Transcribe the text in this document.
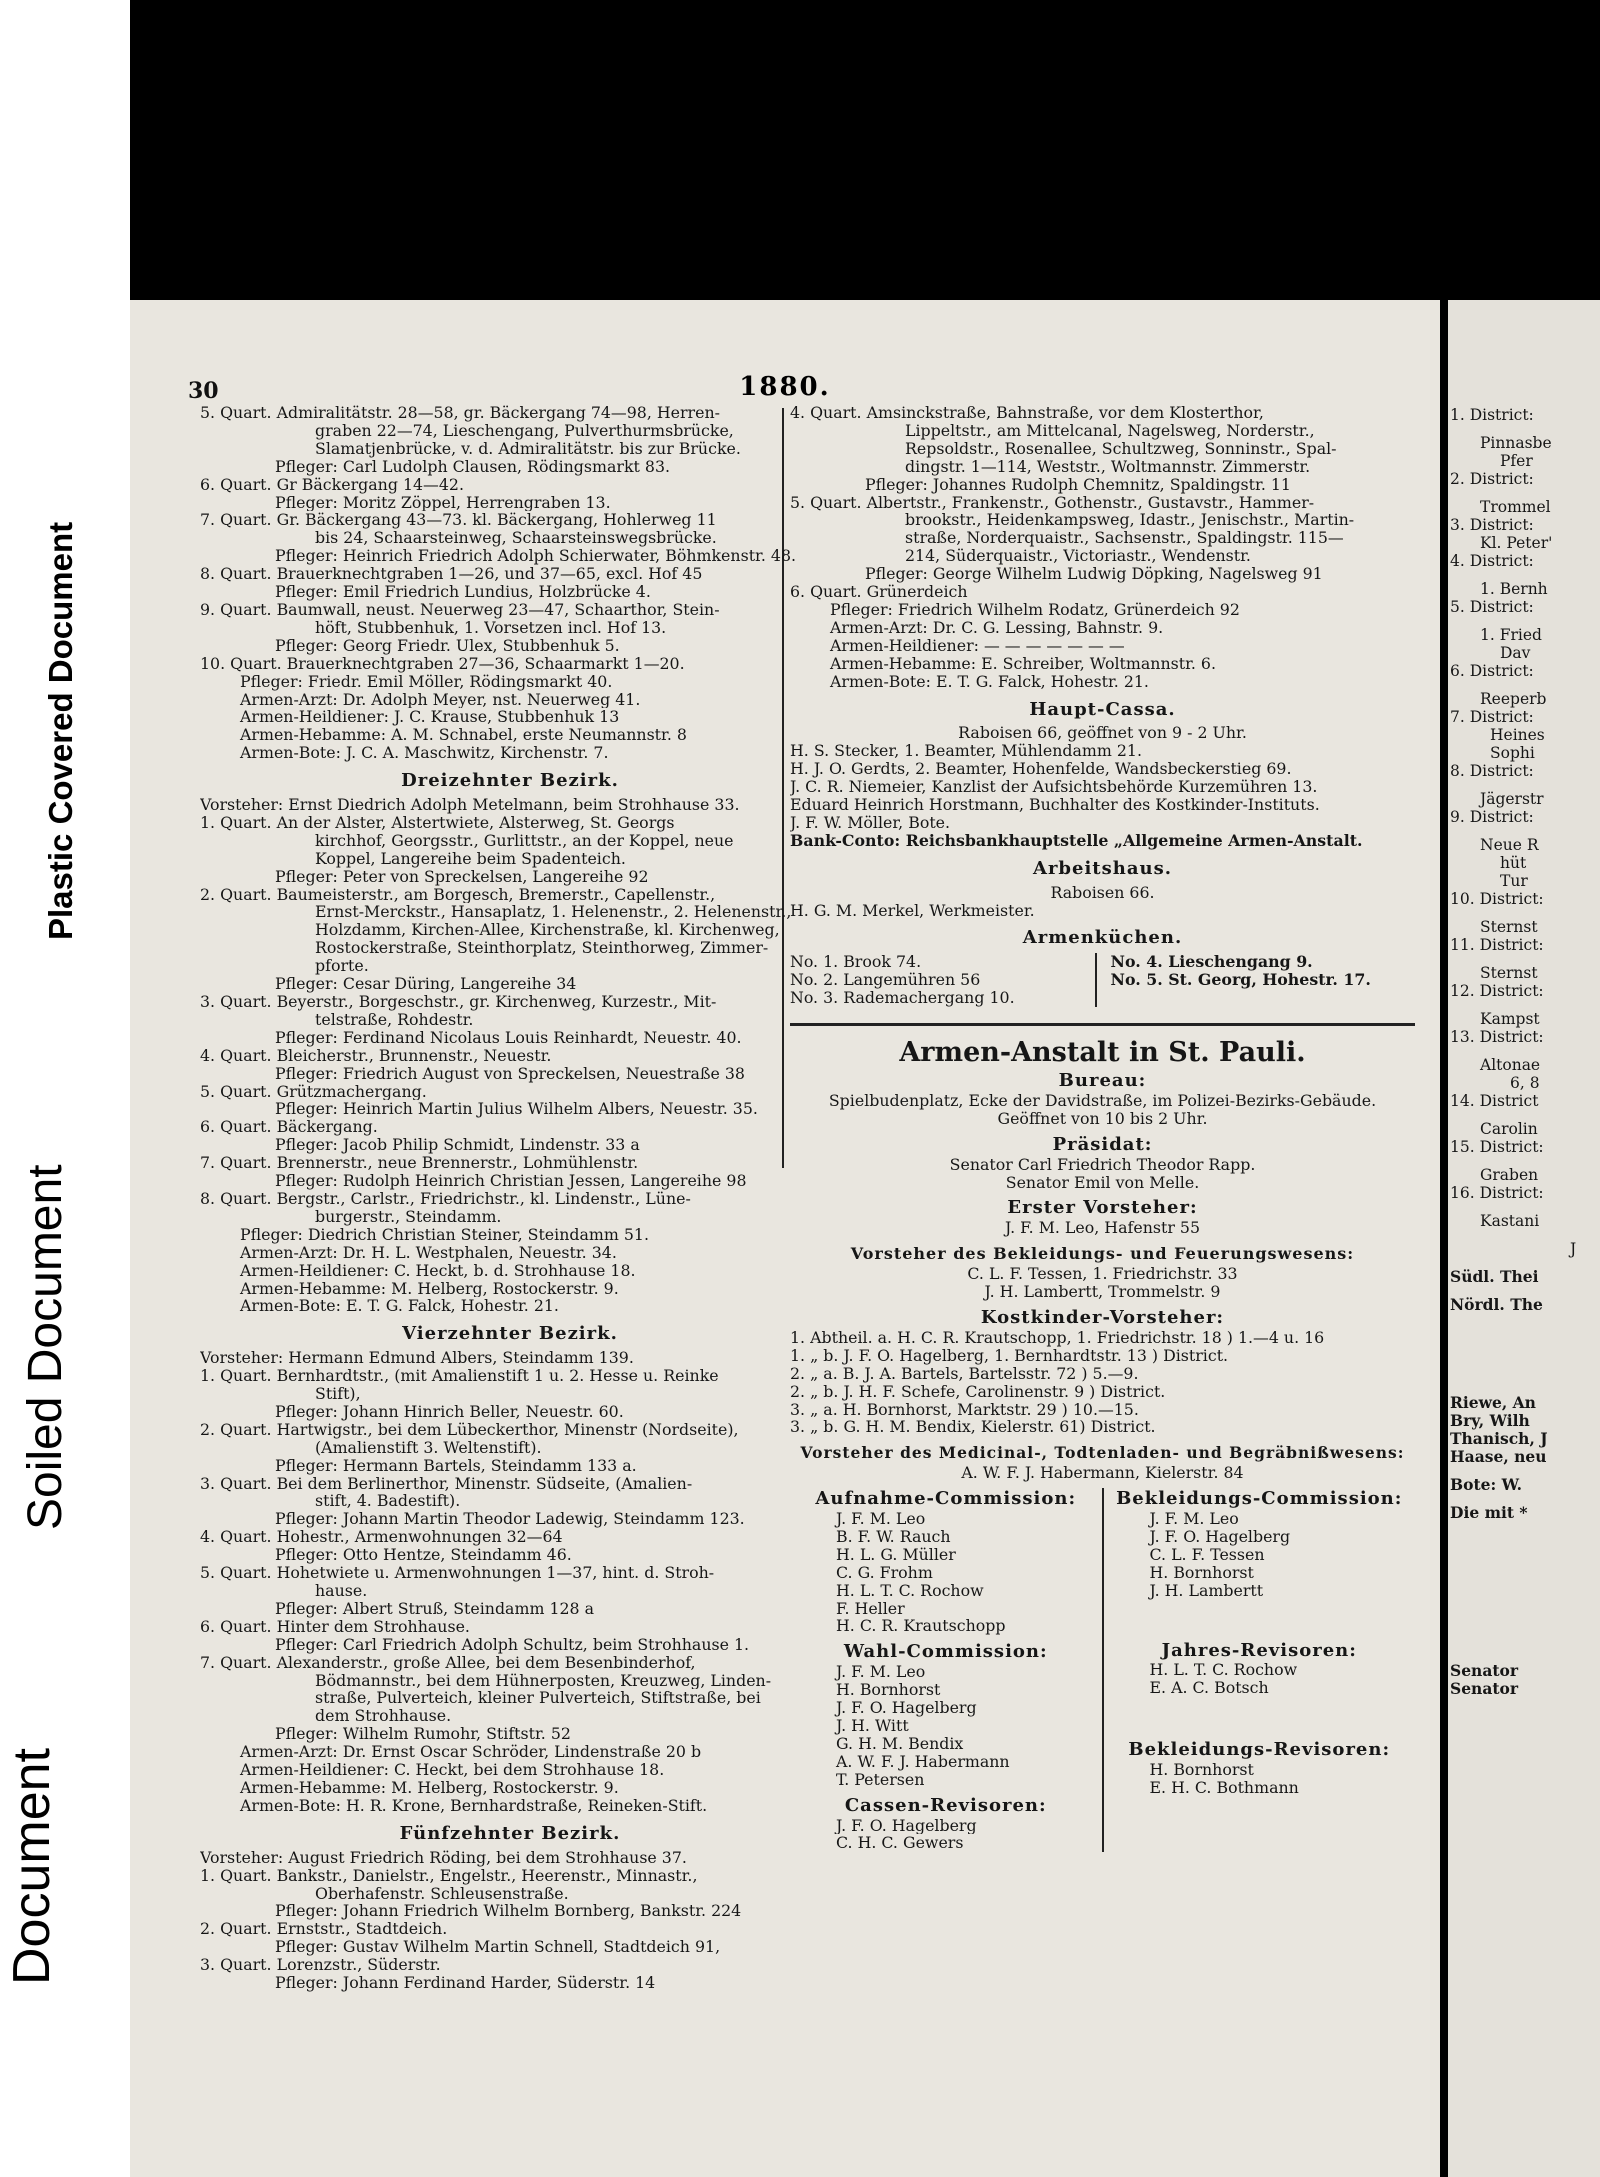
Document
Soiled Document
Plastic Covered Document
30	1880.
5. Quart. Admiralitätstr. 28—58, gr. Bäckergang 74—98, Herren-
graben 22—74, Lieschengang, Pulverthurmsbrücke,
Slamatjenbrücke, v. d. Admiralitätstr. bis zur Brücke.
Pfleger: Carl Ludolph Clausen, Rödingsmarkt 83.
6. Quart. Gr Bäckergang 14—42.
Pfleger: Moritz Zöppel, Herrengraben 13.
7. Quart. Gr. Bäckergang 43—73. kl. Bäckergang, Hohlerweg 11
bis 24, Schaarsteinweg, Schaarsteinswegsbrücke.
Pfleger: Heinrich Friedrich Adolph Schierwater, Böhmkenstr. 48.
8. Quart. Brauerknechtgraben 1—26, und 37—65, excl. Hof 45
Pfleger: Emil Friedrich Lundius, Holzbrücke 4.
9. Quart. Baumwall, neust. Neuerweg 23—47, Schaarthor, Stein-
höft, Stubbenhuk, 1. Vorsetzen incl. Hof 13.
Pfleger: Georg Friedr. Ulex, Stubbenhuk 5.
10. Quart. Brauerknechtgraben 27—36, Schaarmarkt 1—20.
Pfleger: Friedr. Emil Möller, Rödingsmarkt 40.
Armen-Arzt: Dr. Adolph Meyer, nst. Neuerweg 41.
Armen-Heildiener: J. C. Krause, Stubbenhuk 13
Armen-Hebamme: A. M. Schnabel, erste Neumannstr. 8
Armen-Bote: J. C. A. Maschwitz, Kirchenstr. 7.
Dreizehnter Bezirk.
Vorsteher: Ernst Diedrich Adolph Metelmann, beim Strohhause 33.
1. Quart. An der Alster, Alstertwiete, Alsterweg, St. Georgs
kirchhof, Georgsstr., Gurlittstr., an der Koppel, neue
Koppel, Langereihe beim Spadenteich.
Pfleger: Peter von Spreckelsen, Langereihe 92
2. Quart. Baumeisterstr., am Borgesch, Bremerstr., Capellenstr.,
Ernst-Merckstr., Hansaplatz, 1. Helenenstr., 2. Helenenstr.,
Holzdamm, Kirchen-Allee, Kirchenstraße, kl. Kirchenweg,
Rostockerstraße, Steinthorplatz, Steinthorweg, Zimmer-
pforte.
Pfleger: Cesar Düring, Langereihe 34
3. Quart. Beyerstr., Borgeschstr., gr. Kirchenweg, Kurzestr., Mit-
telstraße, Rohdestr.
Pfleger: Ferdinand Nicolaus Louis Reinhardt, Neuestr. 40.
4. Quart. Bleicherstr., Brunnenstr., Neuestr.
Pfleger: Friedrich August von Spreckelsen, Neuestraße 38
5. Quart. Grützmachergang.
Pfleger: Heinrich Martin Julius Wilhelm Albers, Neuestr. 35.
6. Quart. Bäckergang.
Pfleger: Jacob Philip Schmidt, Lindenstr. 33 a
7. Quart. Brennerstr., neue Brennerstr., Lohmühlenstr.
Pfleger: Rudolph Heinrich Christian Jessen, Langereihe 98
8. Quart. Bergstr., Carlstr., Friedrichstr., kl. Lindenstr., Lüne-
burgerstr., Steindamm.
Pfleger: Diedrich Christian Steiner, Steindamm 51.
Armen-Arzt: Dr. H. L. Westphalen, Neuestr. 34.
Armen-Heildiener: C. Heckt, b. d. Strohhause 18.
Armen-Hebamme: M. Helberg, Rostockerstr. 9.
Armen-Bote: E. T. G. Falck, Hohestr. 21.
Vierzehnter Bezirk.
Vorsteher: Hermann Edmund Albers, Steindamm 139.
1. Quart. Bernhardtstr., (mit Amalienstift 1 u. 2. Hesse u. Reinke
Stift),
Pfleger: Johann Hinrich Beller, Neuestr. 60.
2. Quart. Hartwigstr., bei dem Lübeckerthor, Minenstr (Nordseite),
(Amalienstift 3. Weltenstift).
Pfleger: Hermann Bartels, Steindamm 133 a.
3. Quart. Bei dem Berlinerthor, Minenstr. Südseite, (Amalien-
stift, 4. Badestift).
Pfleger: Johann Martin Theodor Ladewig, Steindamm 123.
4. Quart. Hohestr., Armenwohnungen 32—64
Pfleger: Otto Hentze, Steindamm 46.
5. Quart. Hohetwiete u. Armenwohnungen 1—37, hint. d. Stroh-
hause.
Pfleger: Albert Struß, Steindamm 128 a
6. Quart. Hinter dem Strohhause.
Pfleger: Carl Friedrich Adolph Schultz, beim Strohhause 1.
7. Quart. Alexanderstr., große Allee, bei dem Besenbinderhof,
Bödmannstr., bei dem Hühnerposten, Kreuzweg, Linden-
straße, Pulverteich, kleiner Pulverteich, Stiftstraße, bei
dem Strohhause.
Pfleger: Wilhelm Rumohr, Stiftstr. 52
Armen-Arzt: Dr. Ernst Oscar Schröder, Lindenstraße 20 b
Armen-Heildiener: C. Heckt, bei dem Strohhause 18.
Armen-Hebamme: M. Helberg, Rostockerstr. 9.
Armen-Bote: H. R. Krone, Bernhardstraße, Reineken-Stift.
Fünfzehnter Bezirk.
Vorsteher: August Friedrich Röding, bei dem Strohhause 37.
1. Quart. Bankstr., Danielstr., Engelstr., Heerenstr., Minnastr.,
Oberhafenstr. Schleusenstraße.
Pfleger: Johann Friedrich Wilhelm Bornberg, Bankstr. 224
2. Quart. Ernststr., Stadtdeich.
Pfleger: Gustav Wilhelm Martin Schnell, Stadtdeich 91,
3. Quart. Lorenzstr., Süderstr.
Pfleger: Johann Ferdinand Harder, Süderstr. 14
4. Quart. Amsinckstraße, Bahnstraße, vor dem Klosterthor,
Lippeltstr., am Mittelcanal, Nagelsweg, Norderstr.,
Repsoldstr., Rosenallee, Schultzweg, Sonninstr., Spal-
dingstr. 1—114, Weststr., Woltmannstr. Zimmerstr.
Pfleger: Johannes Rudolph Chemnitz, Spaldingstr. 11
5. Quart. Albertstr., Frankenstr., Gothenstr., Gustavstr., Hammer-
brookstr., Heidenkampsweg, Idastr., Jenischstr., Martin-
straße, Norderquaistr., Sachsenstr., Spaldingstr. 115—
214, Süderquaistr., Victoriastr., Wendenstr.
Pfleger: George Wilhelm Ludwig Döpking, Nagelsweg 91
6. Quart. Grünerdeich
Pfleger: Friedrich Wilhelm Rodatz, Grünerdeich 92
Armen-Arzt: Dr. C. G. Lessing, Bahnstr. 9.
Armen-Heildiener: — — — — — — —
Armen-Hebamme: E. Schreiber, Woltmannstr. 6.
Armen-Bote: E. T. G. Falck, Hohestr. 21.
Haupt-Cassa.
Raboisen 66, geöffnet von 9 - 2 Uhr.
H. S. Stecker, 1. Beamter, Mühlendamm 21.
H. J. O. Gerdts, 2. Beamter, Hohenfelde, Wandsbeckerstieg 69.
J. C. R. Niemeier, Kanzlist der Aufsichtsbehörde Kurzemühren 13.
Eduard Heinrich Horstmann, Buchhalter des Kostkinder-Instituts.
J. F. W. Möller, Bote.
Bank-Conto: Reichsbankhauptstelle „Allgemeine Armen-Anstalt.
Arbeitshaus.
Raboisen 66.
H. G. M. Merkel, Werkmeister.
Armenküchen.
No. 1. Brook 74.
No. 2. Langemühren 56
No. 3. Rademachergang 10.
No. 4. Lieschengang 9.
No. 5. St. Georg, Hohestr. 17.
Armen-Anstalt in St. Pauli.
Bureau:
Spielbudenplatz, Ecke der Davidstraße, im Polizei-Bezirks-Gebäude.
Geöffnet von 10 bis 2 Uhr.
Präsidat:
Senator Carl Friedrich Theodor Rapp.
Senator Emil von Melle.
Erster Vorsteher:
J. F. M. Leo, Hafenstr 55
Vorsteher des Bekleidungs- und Feuerungswesens:
C. L. F. Tessen, 1. Friedrichstr. 33
J. H. Lambertt, Trommelstr. 9
Kostkinder-Vorsteher:
1. Abtheil. a. H. C. R. Krautschopp, 1. Friedrichstr. 18 ) 1.—4 u. 16
1. „ b. J. F. O. Hagelberg, 1. Bernhardtstr. 13 ) District.
2. „ a. B. J. A. Bartels, Bartelsstr. 72 ) 5.—9.
2. „ b. J. H. F. Schefe, Carolinenstr. 9 ) District.
3. „ a. H. Bornhorst, Marktstr. 29 ) 10.—15.
3. „ b. G. H. M. Bendix, Kielerstr. 61) District.
Vorsteher des Medicinal-, Todtenladen- und Begräbnißwesens:
A. W. F. J. Habermann, Kielerstr. 84
Aufnahme-Commission:
J. F. M. Leo
B. F. W. Rauch
H. L. G. Müller
C. G. Frohm
H. L. T. C. Rochow
F. Heller
H. C. R. Krautschopp
Wahl-Commission:
J. F. M. Leo
H. Bornhorst
J. F. O. Hagelberg
J. H. Witt
G. H. M. Bendix
A. W. F. J. Habermann
T. Petersen
Cassen-Revisoren:
J. F. O. Hagelberg
C. H. C. Gewers
Bekleidungs-Commission:
J. F. M. Leo
J. F. O. Hagelberg
C. L. F. Tessen
H. Bornhorst
J. H. Lambertt
Jahres-Revisoren:
H. L. T. C. Rochow
E. A. C. Botsch
Bekleidungs-Revisoren:
H. Bornhorst
E. H. C. Bothmann
1. District:
Pinnasbe
Pfer
2. District:
Trommel
3. District:
Kl. Peter'
4. District:
1. Bernh
5. District:
1. Fried
Dav
6. District:
Reeperb
7. District:
Heines
Sophi
8. District:
Jägerstr
9. District:
Neue R
hüt
Tur
10. District:
Sternst
11. District:
Sternst
12. District:
Kampst
13. District:
Altonae
6, 8
14. District
Carolin
15. District:
Graben
16. District:
Kastani
J
Südl. Thei
Nördl. The
Riewe, An
Bry, Wilh
Thanisch, J
Haase, neu
Bote: W.
Die mit *
Senator
Senator
